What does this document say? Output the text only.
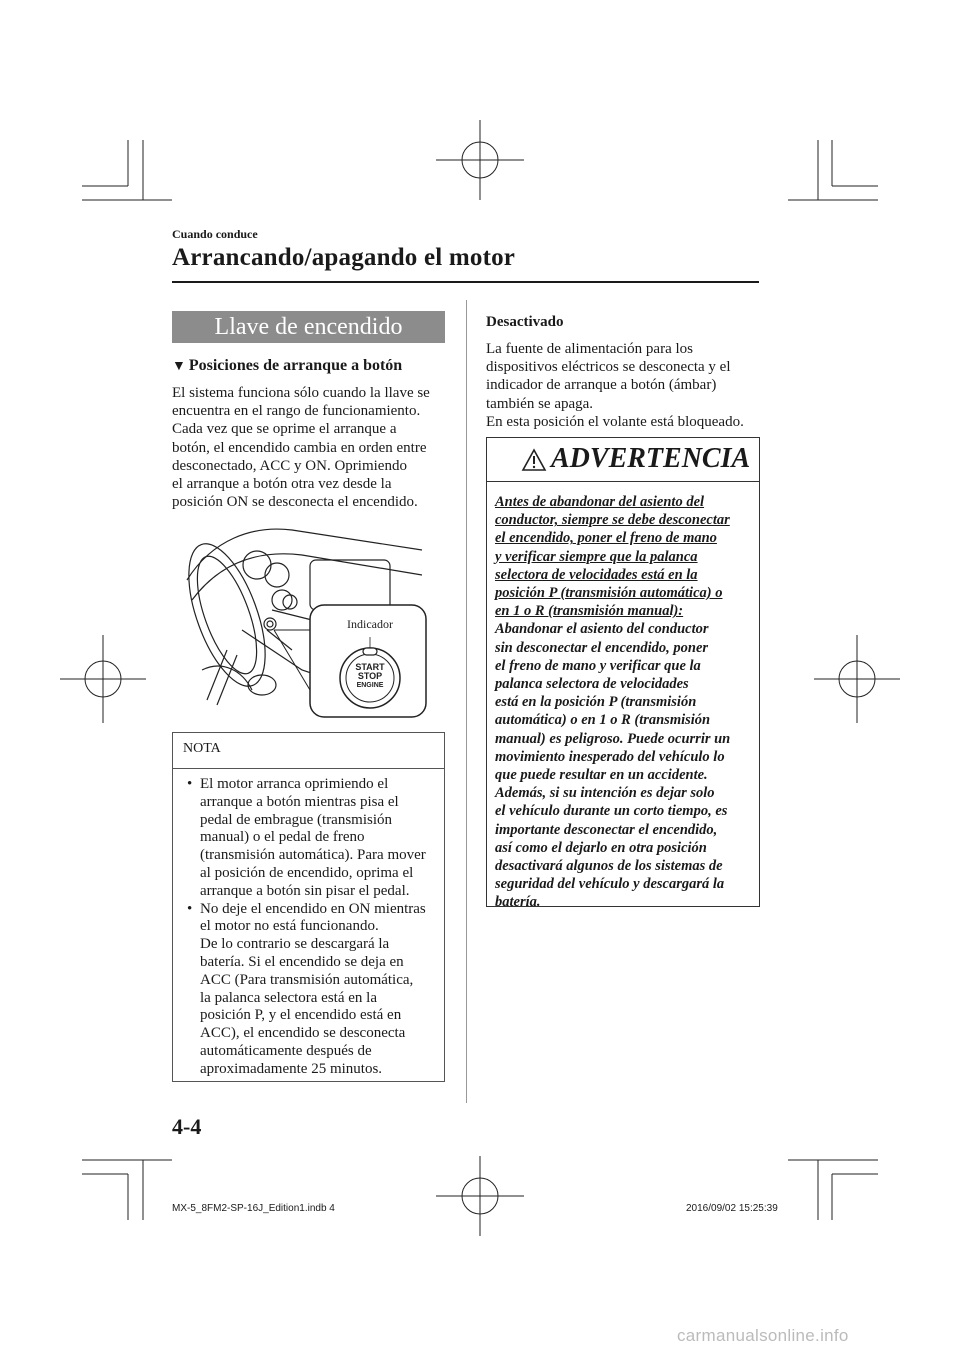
Cuando conduce
Arrancando/apagando el motor
Llave de encendido
▼ Posiciones de arranque a botón
El sistema funciona sólo cuando la llave se
encuentra en el rango de funcionamiento.
Cada vez que se oprime el arranque a
botón, el encendido cambia en orden entre
desconectado, ACC y ON. Oprimiendo
el arranque a botón otra vez desde la
posición ON se desconecta el encendido.
Indicador
START
STOP
ENGINE
NOTA
• El motor arranca oprimiendo el
arranque a botón mientras pisa el
pedal de embrague (transmisión
manual) o el pedal de freno
(transmisión automática). Para mover
al posición de encendido, oprima el
arranque a botón sin pisar el pedal.
• No deje el encendido en ON mientras
el motor no está funcionando.
De lo contrario se descargará la
batería. Si el encendido se deja en
ACC (Para transmisión automática,
la palanca selectora está en la
posición P, y el encendido está en
ACC), el encendido se desconecta
automáticamente después de
aproximadamente 25 minutos.
Desactivado
La fuente de alimentación para los
dispositivos eléctricos se desconecta y el
indicador de arranque a botón (ámbar)
también se apaga.
En esta posición el volante está bloqueado.
ADVERTENCIA
Antes de abandonar del asiento del
conductor, siempre se debe desconectar
el encendido, poner el freno de mano
y verificar siempre que la palanca
selectora de velocidades está en la
posición P (transmisión automática) o
en 1 o R (transmisión manual):
Abandonar el asiento del conductor
sin desconectar el encendido, poner
el freno de mano y verificar que la
palanca selectora de velocidades
está en la posición P (transmisión
automática) o en 1 o R (transmisión
manual) es peligroso. Puede ocurrir un
movimiento inesperado del vehículo lo
que puede resultar en un accidente.
Además, si su intención es dejar solo
el vehículo durante un corto tiempo, es
importante desconectar el encendido,
así como el dejarlo en otra posición
desactivará algunos de los sistemas de
seguridad del vehículo y descargará la
batería.
4-4
MX-5_8FM2-SP-16J_Edition1.indb 4	2016/09/02 15:25:39
carmanualsonline.info
